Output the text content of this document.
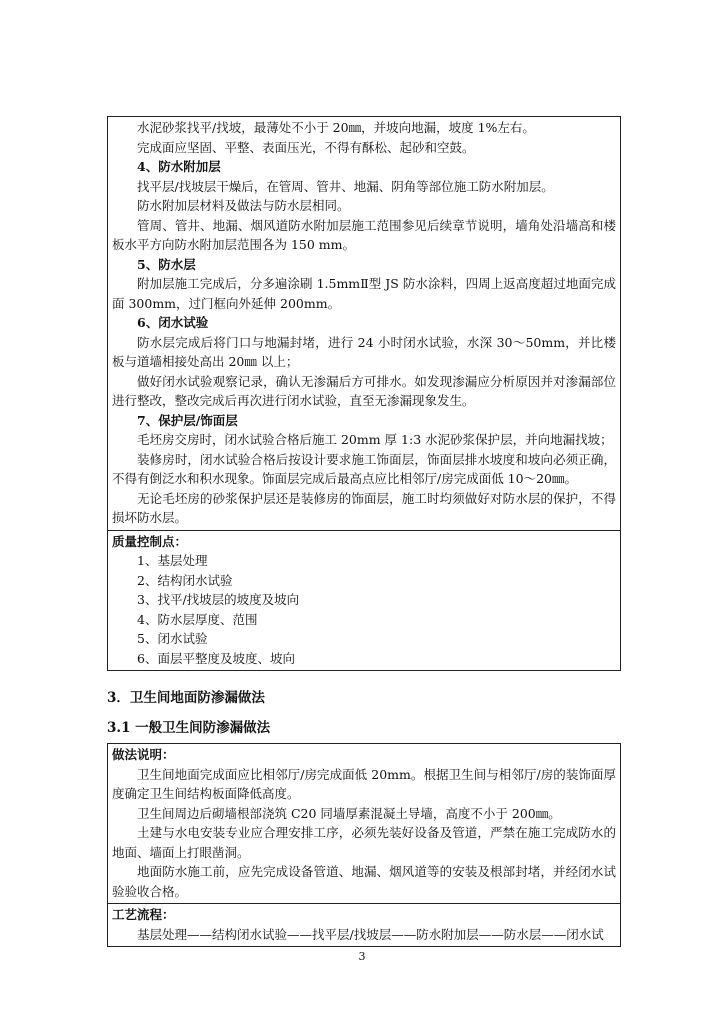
水泥砂浆找平/找坡，最薄处不小于 20㎜，并坡向地漏，坡度 1%左右。
完成面应坚固、平整、表面压光，不得有酥松、起砂和空鼓。
4、防水附加层
找平层/找坡层干燥后，在管周、管井、地漏、阴角等部位施工防水附加层。
防水附加层材料及做法与防水层相同。
管周、管井、地漏、烟风道防水附加层施工范围参见后续章节说明，墙角处沿墙高和楼板水平方向防水附加层范围各为 150 mm。
5、防水层
附加层施工完成后，分多遍涂刷 1.5mmⅡ型 JS 防水涂料，四周上返高度超过地面完成面 300mm，过门框向外延伸 200mm。
6、闭水试验
防水层完成后将门口与地漏封堵，进行 24 小时闭水试验，水深 30～50mm，并比楼板与道墙相接处高出 20㎜ 以上；
做好闭水试验观察记录，确认无渗漏后方可排水。如发现渗漏应分析原因并对渗漏部位进行整改，整改完成后再次进行闭水试验，直至无渗漏现象发生。
7、保护层/饰面层
毛坯房交房时，闭水试验合格后施工 20mm 厚 1:3 水泥砂浆保护层，并向地漏找坡；
装修房时，闭水试验合格后按设计要求施工饰面层，饰面层排水坡度和坡向必须正确，不得有倒泛水和积水现象。饰面层完成后最高点应比相邻厅/房完成面低 10～20㎜。
无论毛坯房的砂浆保护层还是装修房的饰面层，施工时均须做好对防水层的保护，不得损坏防水层。
质量控制点：
1、基层处理
2、结构闭水试验
3、找平/找坡层的坡度及坡向
4、防水层厚度、范围
5、闭水试验
6、面层平整度及坡度、坡向
3．卫生间地面防渗漏做法
3.1 一般卫生间防渗漏做法
做法说明：
卫生间地面完成面应比相邻厅/房完成面低 20mm。根据卫生间与相邻厅/房的装饰面厚度确定卫生间结构板面降低高度。
卫生间周边后砌墙根部浇筑 C20 同墙厚素混凝土导墙，高度不小于 200㎜。
土建与水电安装专业应合理安排工序，必须先装好设备及管道，严禁在施工完成防水的地面、墙面上打眼凿洞。
地面防水施工前，应先完成设备管道、地漏、烟风道等的安装及根部封堵，并经闭水试验验收合格。
工艺流程：
基层处理——结构闭水试验——找平层/找坡层——防水附加层——防水层——闭水试
3
